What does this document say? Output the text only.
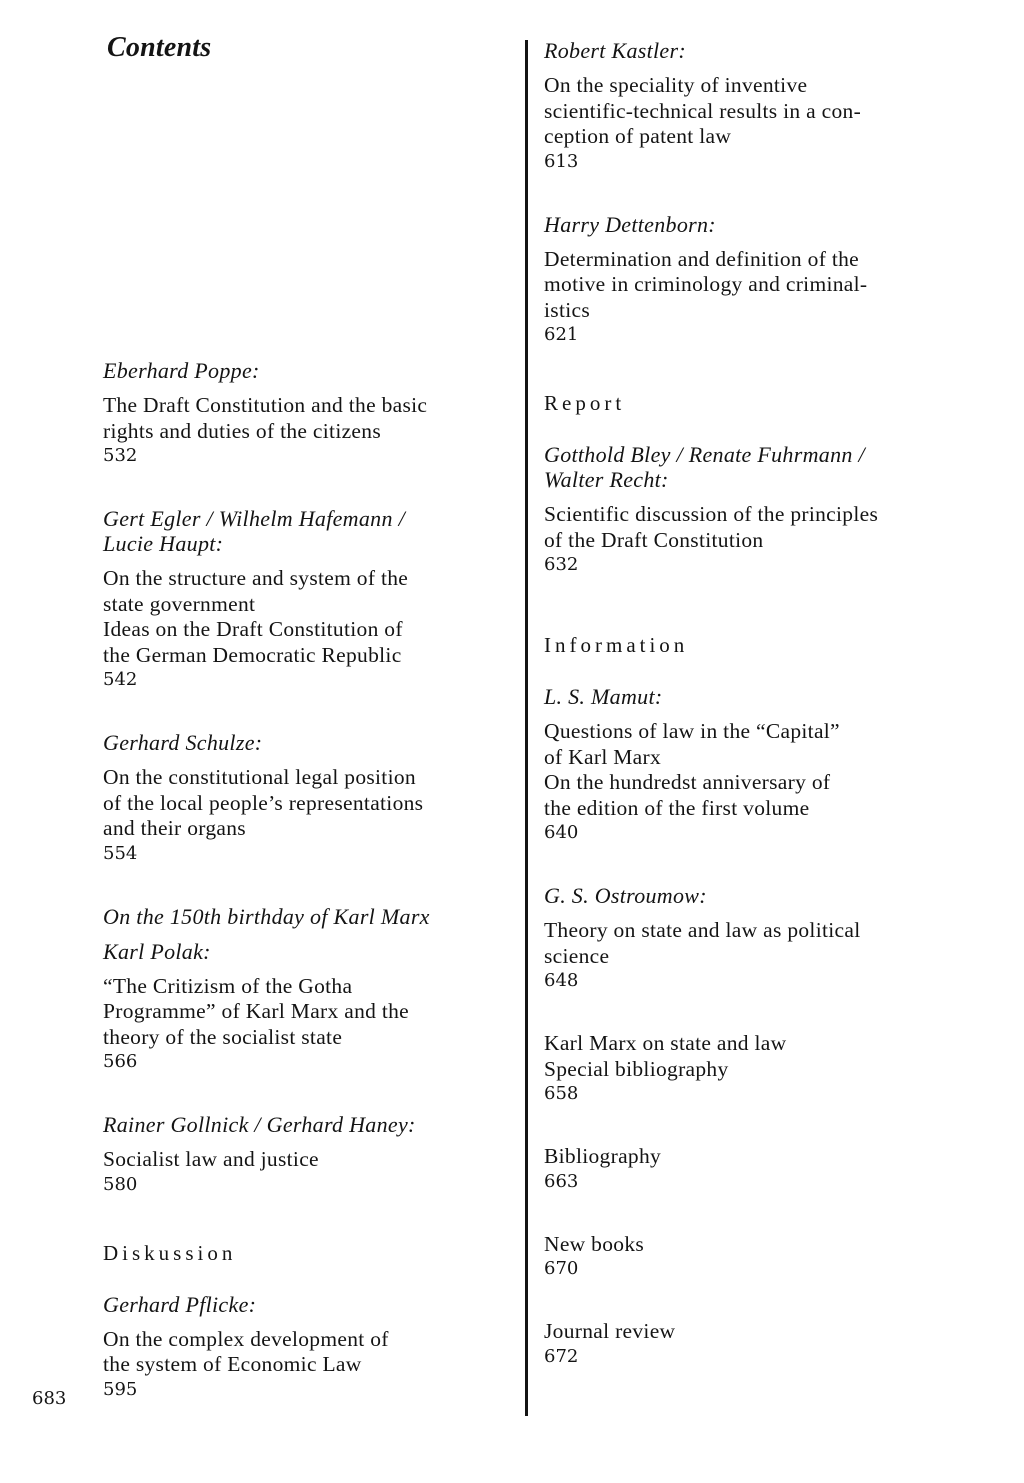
Contents
683

Eberhard Poppe:

The Draft Constitution and the basic

rights and duties of the citizens

532

Gert Egler / Wilhelm Hafemann /

Lucie Haupt:

On the structure and system of the

state government

Ideas on the Draft Constitution of

the German Democratic Republic

542

Gerhard Schulze:

On the constitutional legal position

of the local people’s representations

and their organs

554

On the 150th birthday of Karl Marx

Karl Polak:

“The Critizism of the Gotha

Programme” of Karl Marx and the

theory of the socialist state

566

Rainer Gollnick / Gerhard Haney:

Socialist law and justice

580

Diskussion

Gerhard Pflicke:

On the complex development of

the system of Economic Law

595

Robert Kastler:

On the speciality of inventive

scientific-technical results in a con-

ception of patent law

613

Harry Dettenborn:

Determination and definition of the

motive in criminology and criminal-

istics

621

Report

Gotthold Bley / Renate Fuhrmann /

Walter Recht:

Scientific discussion of the principles

of the Draft Constitution

632

Information

L. S. Mamut:

Questions of law in the “Capital”

of Karl Marx

On the hundredst anniversary of

the edition of the first volume

640

G. S. Ostroumow:

Theory on state and law as political

science

648

Karl Marx on state and law

Special bibliography

658

Bibliography

663

New books

670

Journal review

672
